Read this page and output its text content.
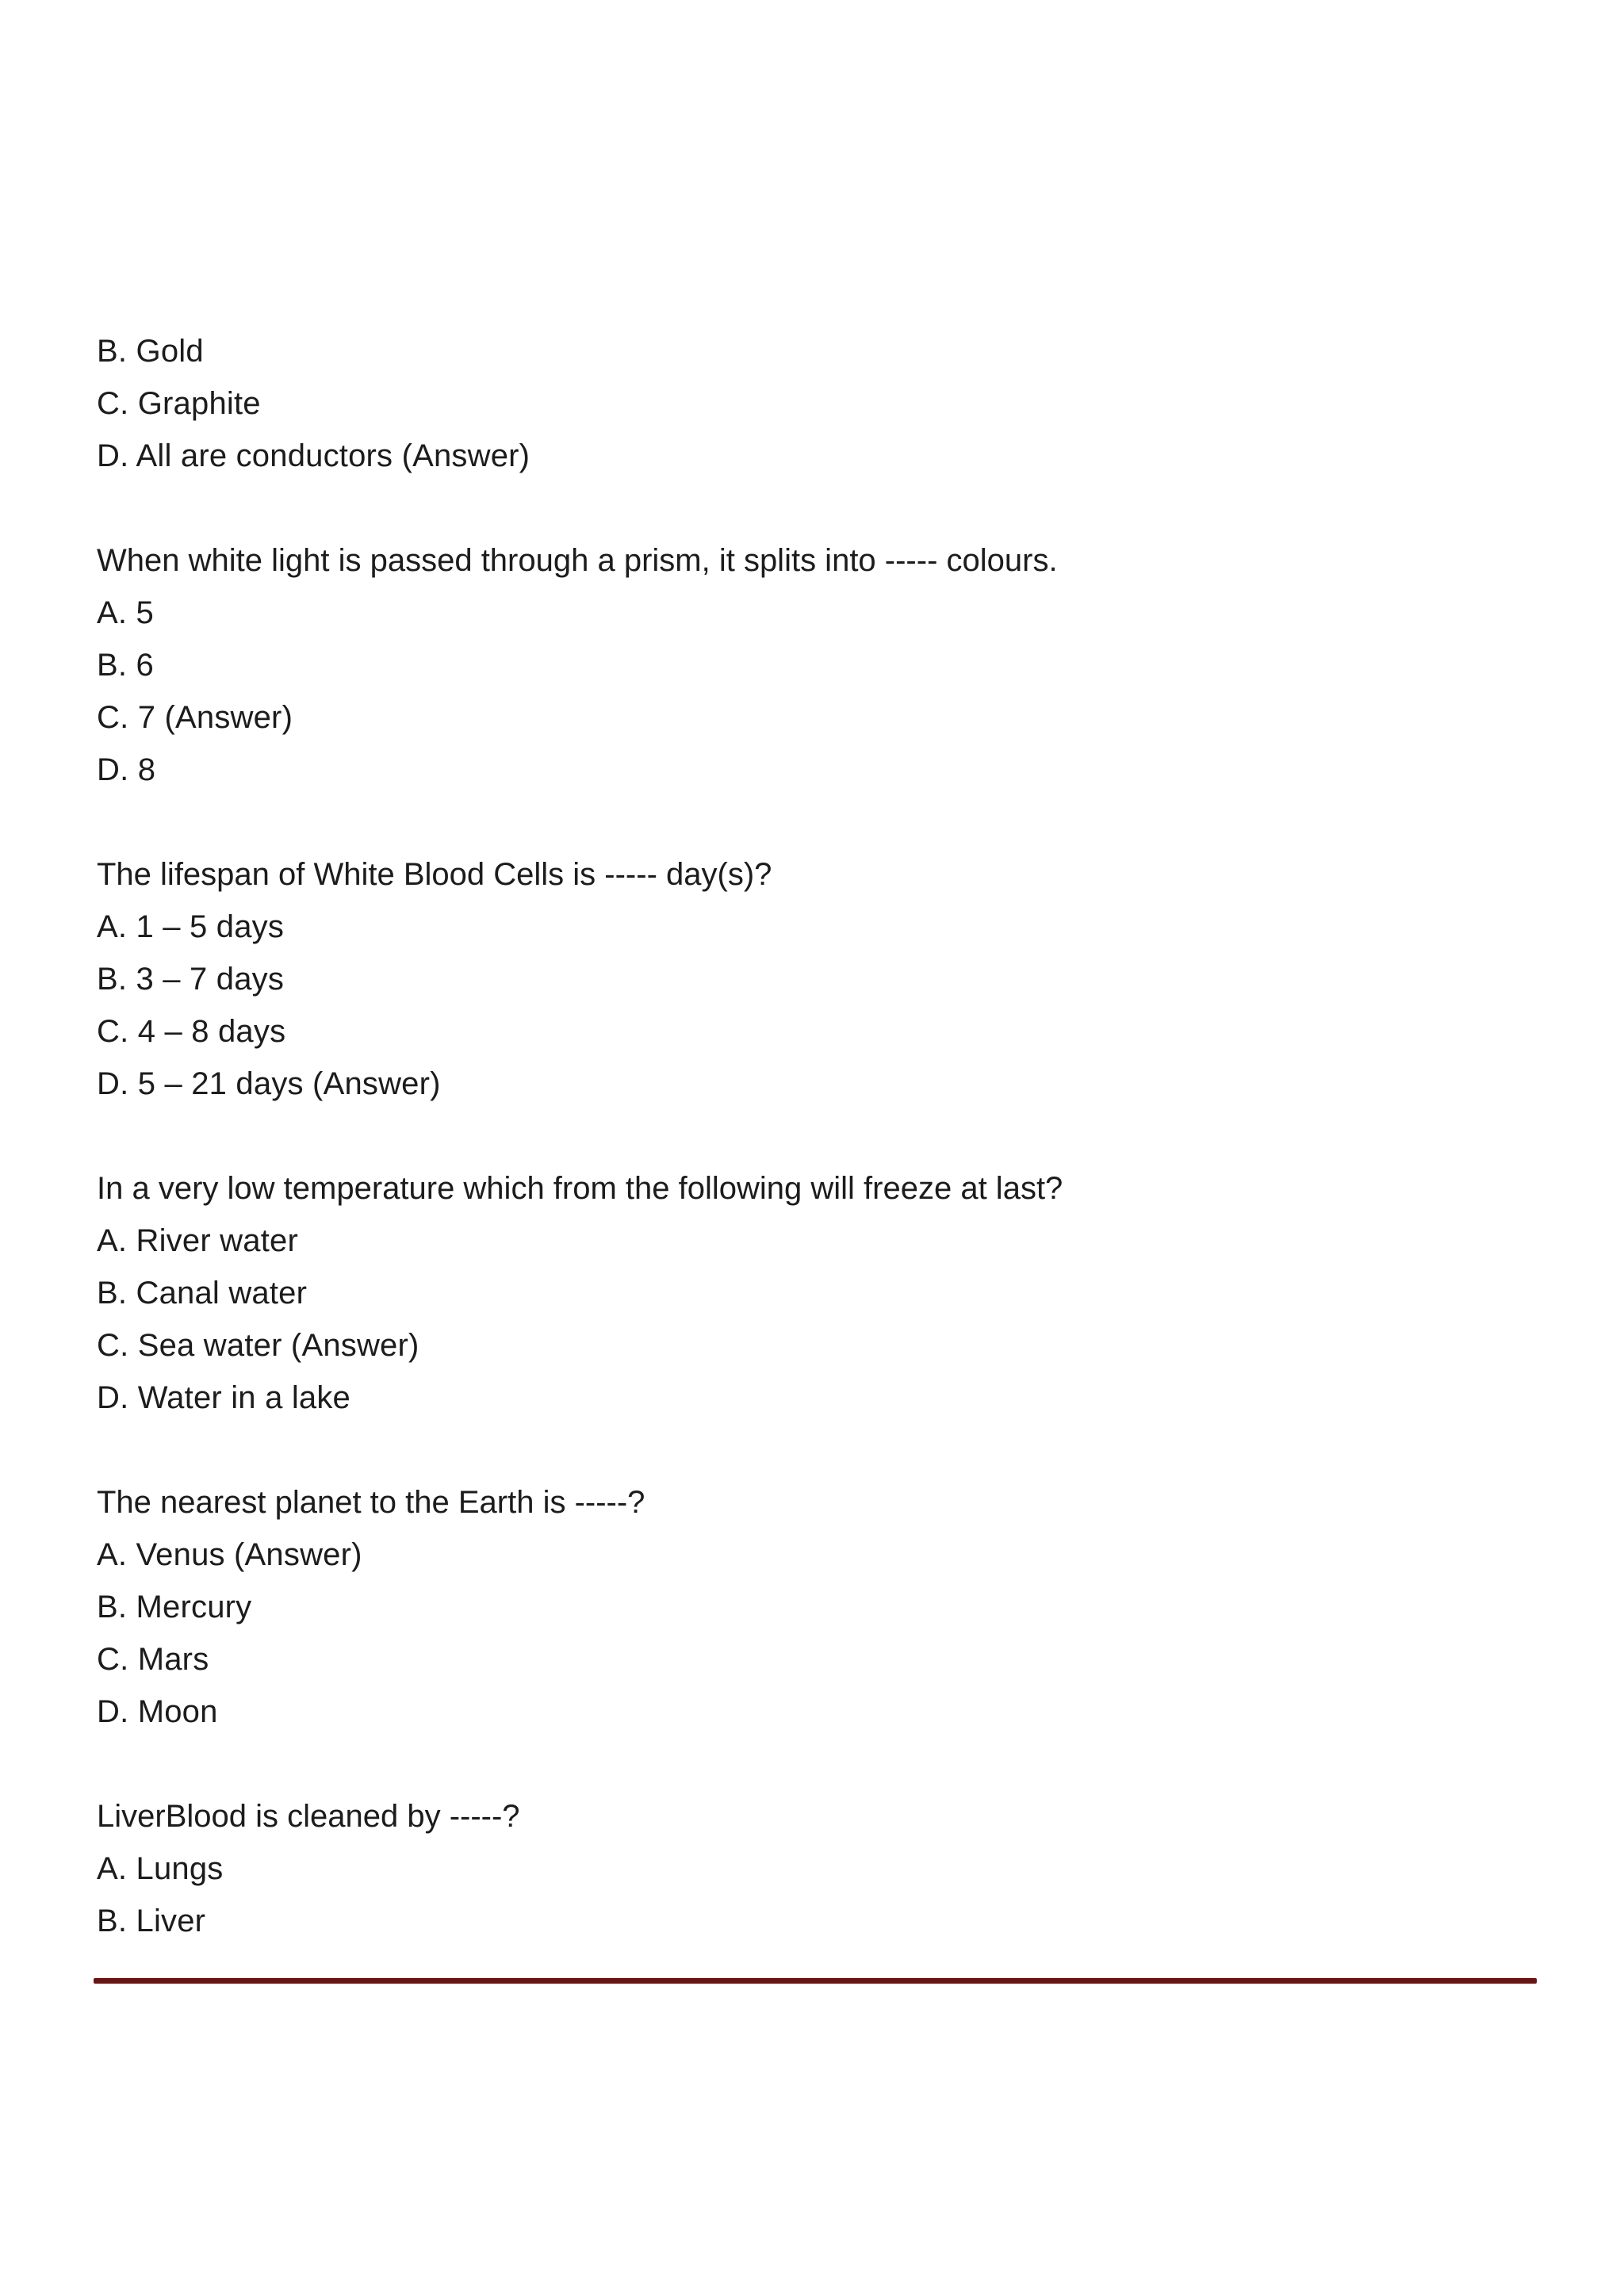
B. Gold
C. Graphite
D. All are conductors (Answer)
When white light is passed through a prism, it splits into ----- colours.
A. 5
B. 6
C. 7 (Answer)
D. 8
The lifespan of White Blood Cells is ----- day(s)?
A. 1 – 5 days
B. 3 – 7 days
C. 4 – 8 days
D. 5 – 21 days (Answer)
In a very low temperature which from the following will freeze at last?
A. River water
B. Canal water
C. Sea water (Answer)
D. Water in a lake
The nearest planet to the Earth is -----?
A. Venus (Answer)
B. Mercury
C. Mars
D. Moon
LiverBlood is cleaned by -----?
A. Lungs
B. Liver
